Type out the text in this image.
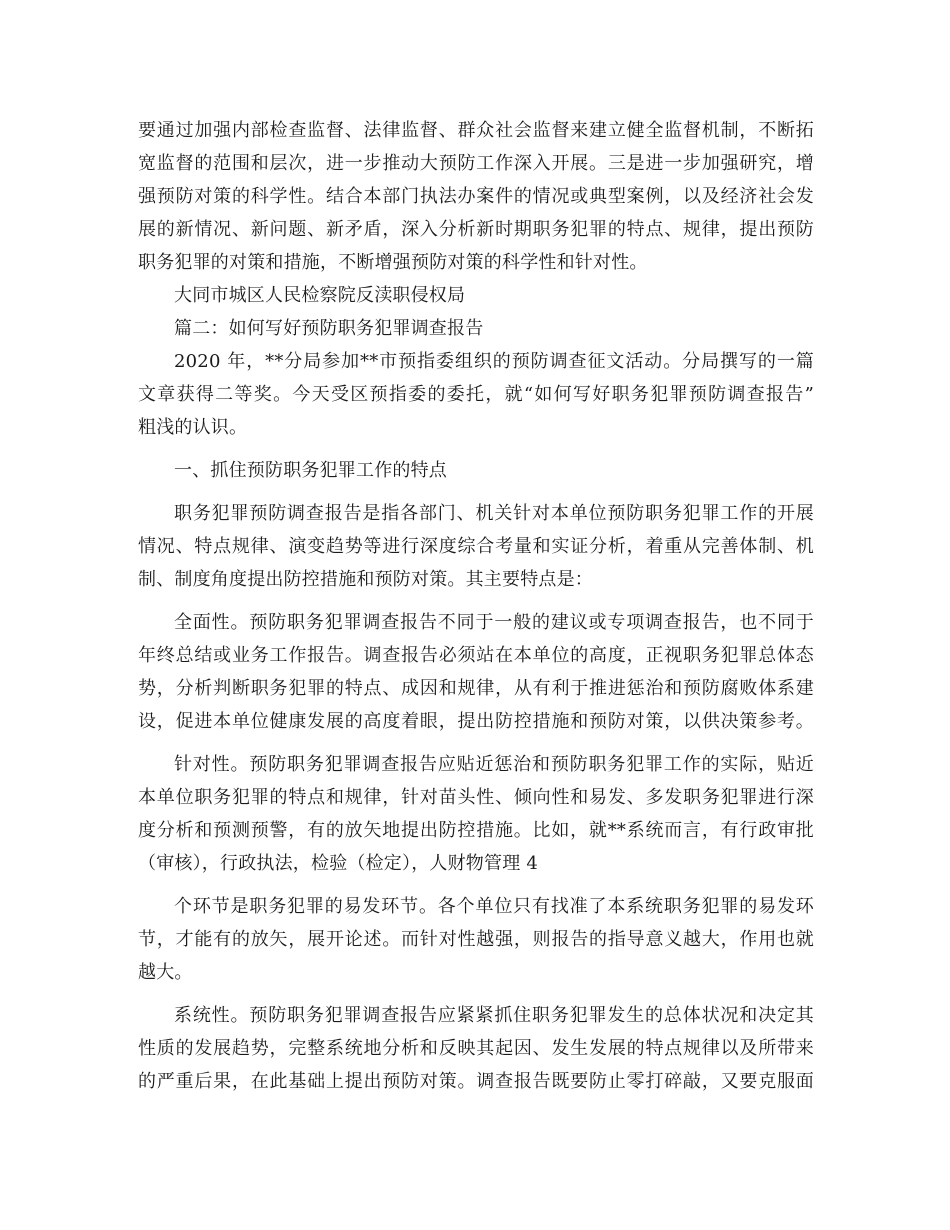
要通过加强内部检查监督、法律监督、群众社会监督来建立健全监督机制，不断拓
宽监督的范围和层次，进一步推动大预防工作深入开展。三是进一步加强研究，增
强预防对策的科学性。结合本部门执法办案件的情况或典型案例，以及经济社会发
展的新情况、新问题、新矛盾，深入分析新时期职务犯罪的特点、规律，提出预防
职务犯罪的对策和措施，不断增强预防对策的科学性和针对性。
大同市城区人民检察院反渎职侵权局
篇二：如何写好预防职务犯罪调查报告
2020 年，**分局参加**市预指委组织的预防调查征文活动。分局撰写的一篇
文章获得二等奖。今天受区预指委的委托，就“如何写好职务犯罪预防调查报告”
粗浅的认识。
一、抓住预防职务犯罪工作的特点
职务犯罪预防调查报告是指各部门、机关针对本单位预防职务犯罪工作的开展
情况、特点规律、演变趋势等进行深度综合考量和实证分析，着重从完善体制、机
制、制度角度提出防控措施和预防对策。其主要特点是：
全面性。预防职务犯罪调查报告不同于一般的建议或专项调查报告，也不同于
年终总结或业务工作报告。调查报告必须站在本单位的高度，正视职务犯罪总体态
势，分析判断职务犯罪的特点、成因和规律，从有利于推进惩治和预防腐败体系建
设，促进本单位健康发展的高度着眼，提出防控措施和预防对策，以供决策参考。
针对性。预防职务犯罪调查报告应贴近惩治和预防职务犯罪工作的实际，贴近
本单位职务犯罪的特点和规律，针对苗头性、倾向性和易发、多发职务犯罪进行深
度分析和预测预警，有的放矢地提出防控措施。比如，就**系统而言，有行政审批
（审核），行政执法，检验（检定），人财物管理 4
个环节是职务犯罪的易发环节。各个单位只有找准了本系统职务犯罪的易发环
节，才能有的放矢，展开论述。而针对性越强，则报告的指导意义越大，作用也就
越大。
系统性。预防职务犯罪调查报告应紧紧抓住职务犯罪发生的总体状况和决定其
性质的发展趋势，完整系统地分析和反映其起因、发生发展的特点规律以及所带来
的严重后果，在此基础上提出预防对策。调查报告既要防止零打碎敲，又要克服面
